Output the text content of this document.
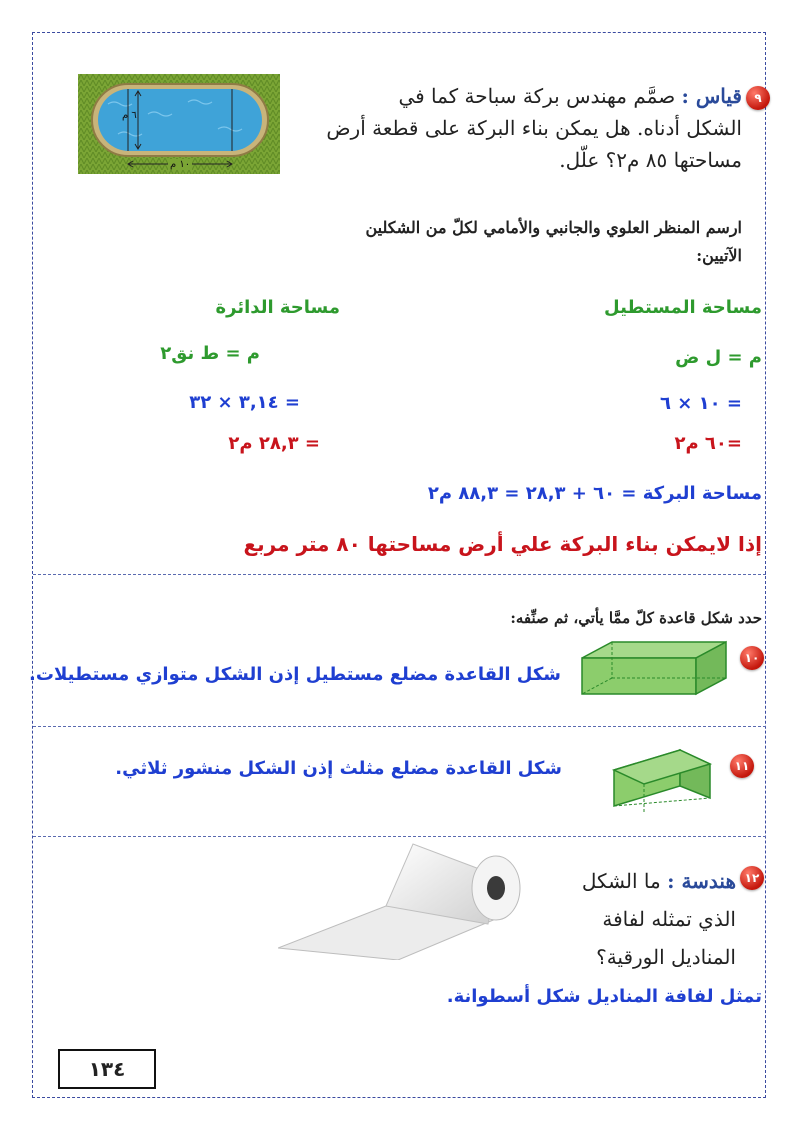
٩
قياس : صمَّم مهندس بركة سباحة كما في
الشكل أدناه. هل يمكن بناء البركة على قطعة أرض
مساحتها ٨٥ م٢؟ علّل.
٦ م
١٠ م
ارسم المنظر العلوي والجانبي والأمامي لكلّ من الشكلين
الآتيين:
مساحة المستطيل
مساحة الدائرة
م = ل ض
م = ط نق٢
= ١٠ × ٦
= ٣,١٤ × ٣٢
=٦٠ م٢
= ٢٨,٣ م٢
مساحة البركة = ٦٠ + ٢٨,٣ = ٨٨,٣ م٢
إذا لايمكن بناء البركة علي أرض مساحتها ٨٠ متر مربع
حدد شكل قاعدة كلّ ممَّا يأتي، ثم صنِّفه:
١٠
شكل القاعدة مضلع مستطيل إذن الشكل متوازي مستطيلات.
١١
شكل القاعدة مضلع مثلث إذن الشكل منشور ثلاثي.
١٢
هندسة : ما الشكل
الذي تمثله لفافة
المناديل الورقية؟
تمثل لفافة المناديل شكل أسطوانة.
١٣٤
